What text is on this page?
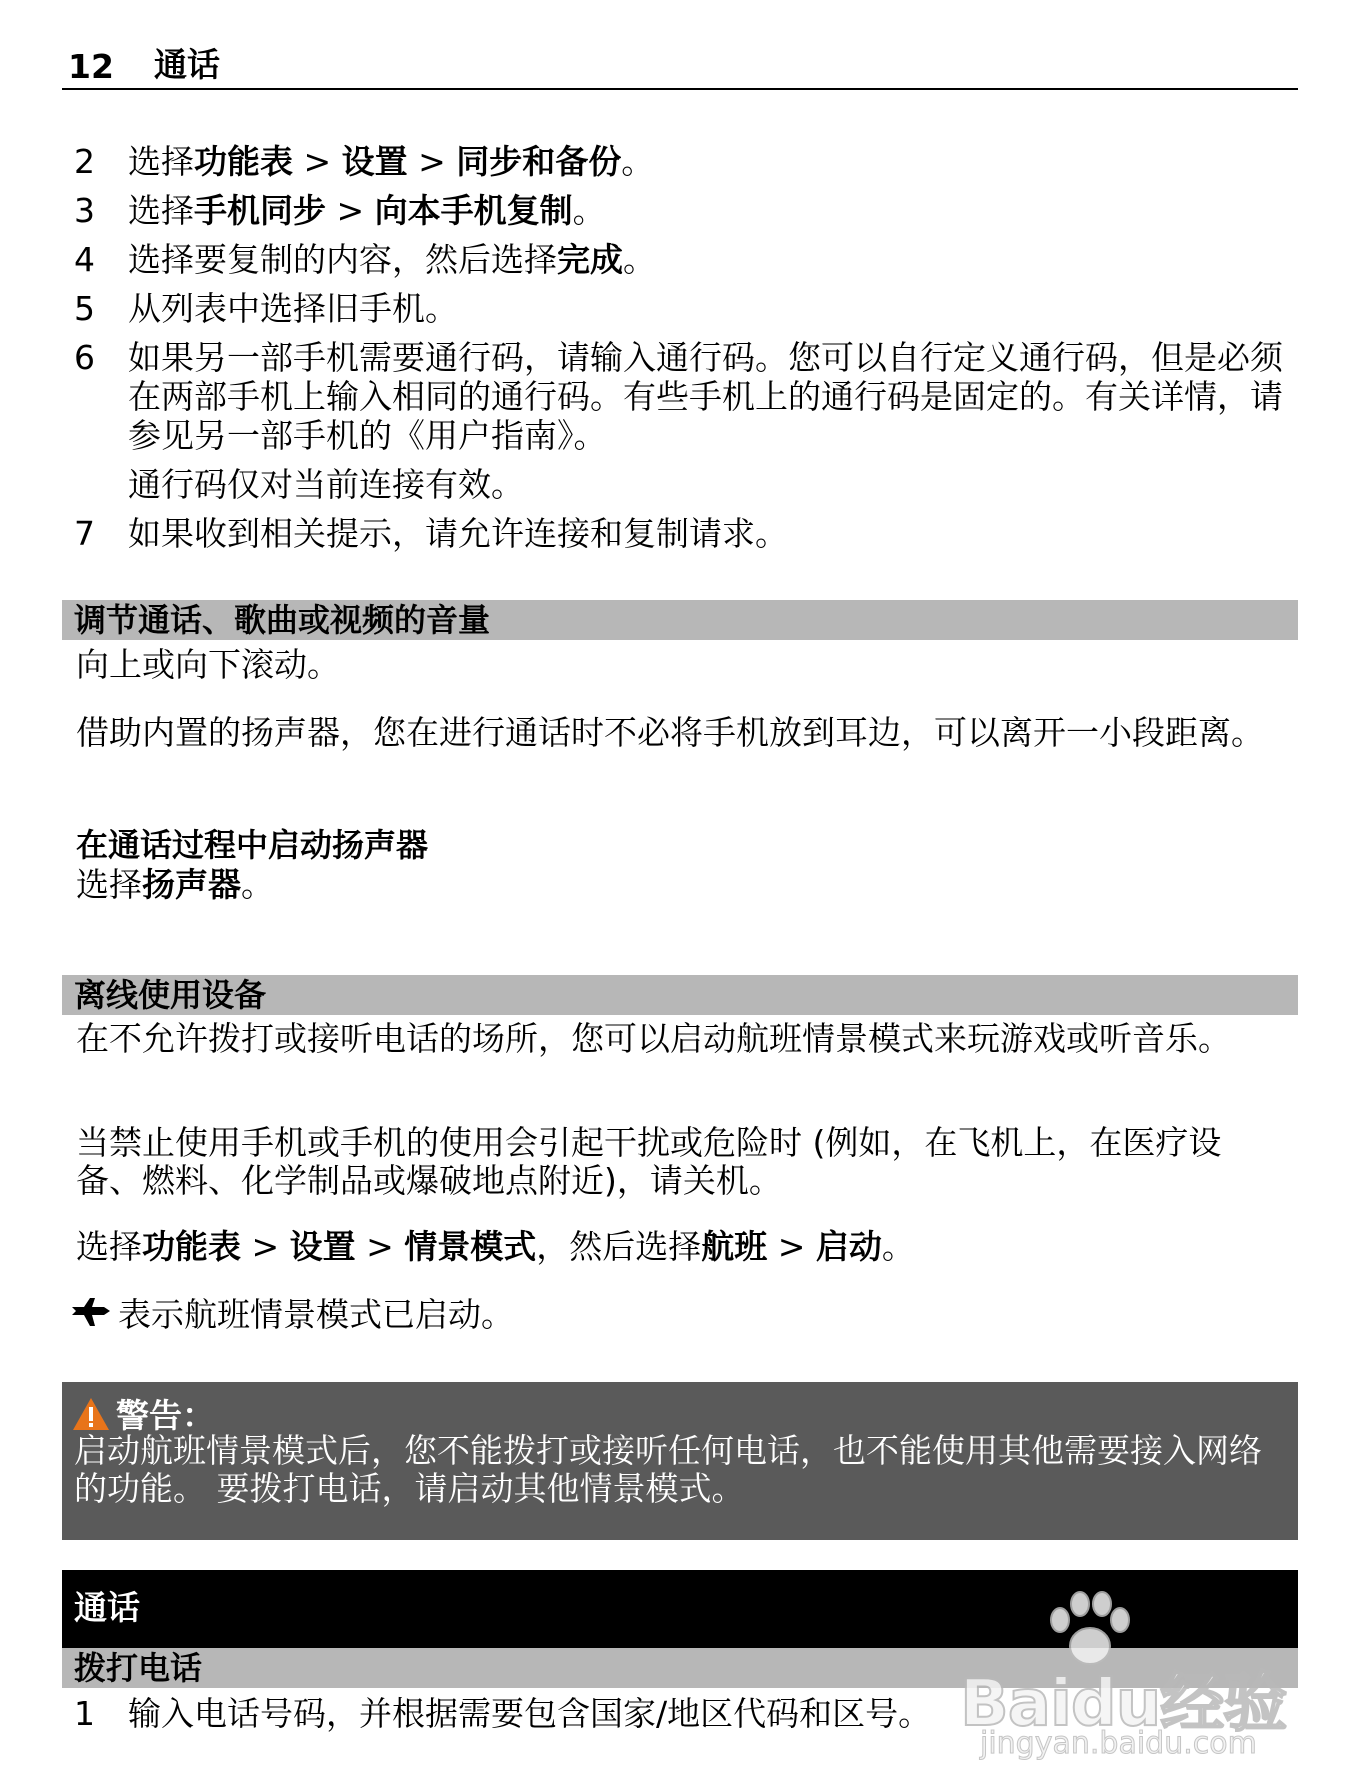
12 通话
2	选择功能表 > 设置 > 同步和备份。
3	选择手机同步 > 向本手机复制。
4	选择要复制的内容，然后选择完成。
5	从列表中选择旧手机。
6	如果另一部手机需要通行码，请输入通行码。您可以自行定义通行码，但是必须在两部手机上输入相同的通行码。有些手机上的通行码是固定的。有关详情，请参见另一部手机的《用户指南》。
通行码仅对当前连接有效。
7	如果收到相关提示，请允许连接和复制请求。
调节通话、歌曲或视频的音量
向上或向下滚动。
借助内置的扬声器，您在进行通话时不必将手机放到耳边，可以离开一小段距离。
在通话过程中启动扬声器
选择扬声器。
离线使用设备
在不允许拨打或接听电话的场所，您可以启动航班情景模式来玩游戏或听音乐。
当禁止使用手机或手机的使用会引起干扰或危险时 (例如，在飞机上，在医疗设备、燃料、化学制品或爆破地点附近)，请关机。
选择功能表 > 设置 > 情景模式，然后选择航班 > 启动。
表示航班情景模式已启动。
警告：
启动航班情景模式后，您不能拨打或接听任何电话，也不能使用其他需要接入网络的功能。 要拨打电话，请启动其他情景模式。
通话
拨打电话
1	输入电话号码，并根据需要包含国家/地区代码和区号。 Baidu经验
jingyan.baidu.com
